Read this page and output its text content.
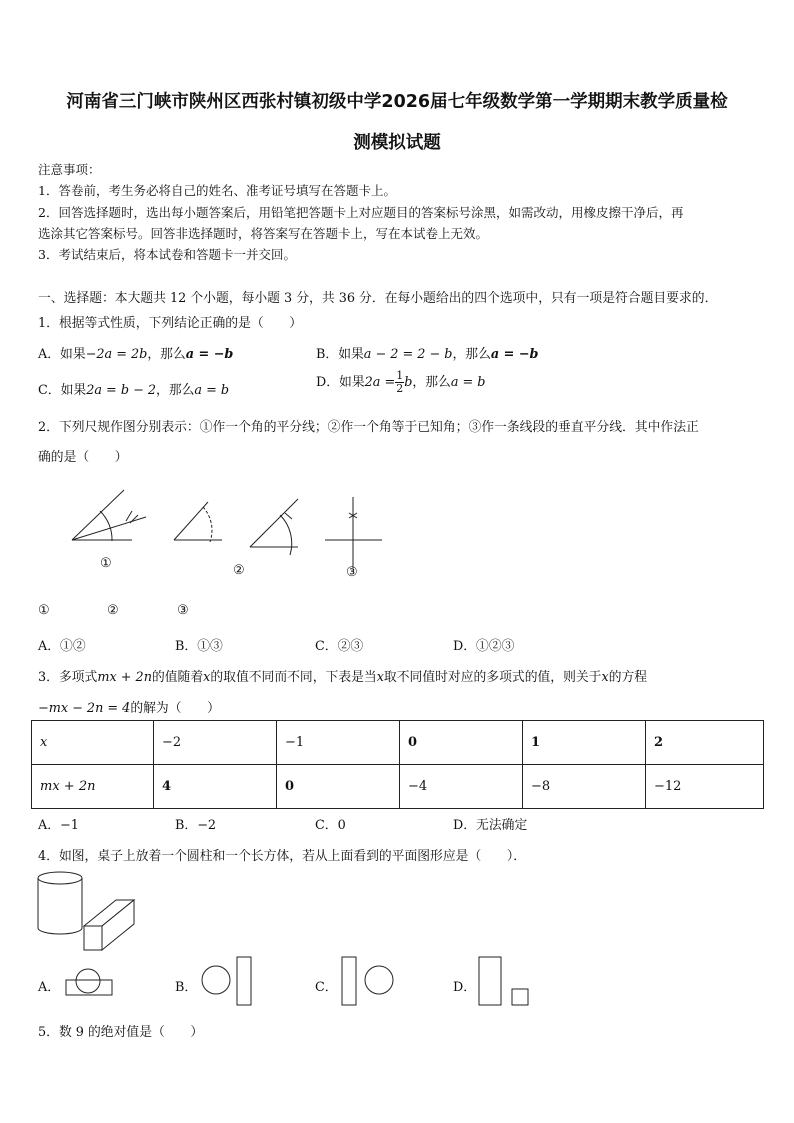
河南省三门峡市陕州区西张村镇初级中学2026届七年级数学第一学期期末教学质量检
测模拟试题
注意事项：
1．答卷前，考生务必将自己的姓名、准考证号填写在答题卡上。
2．回答选择题时，选出每小题答案后，用铅笔把答题卡上对应题目的答案标号涂黑，如需改动，用橡皮擦干净后，再
选涂其它答案标号。回答非选择题时，将答案写在答题卡上，写在本试卷上无效。
3．考试结束后，将本试卷和答题卡一并交回。
一、选择题：本大题共 12 个小题，每小题 3 分，共 36 分．在每小题给出的四个选项中，只有一项是符合题目要求的．
1．根据等式性质，下列结论正确的是（　　）
A．如果−2a = 2b，那么a = −b	B．如果a − 2 = 2 − b，那么a = −b
C．如果2a = b − 2，那么a = b
D．如果$2a = \frac{1}{2}$ b，那么a = b
2．下列尺规作图分别表示：①作一个角的平分线；②作一个角等于已知角；③作一条线段的垂直平分线．其中作法正
确的是（　　）
①	②	③
①	②	③
A．①②	B．①③	C．②③	D．①②③
3．多项式mx + 2n的值随着x的取值不同而不同，下表是当x取不同值时对应的多项式的值，则关于x的方程
−mx − 2n = 4的解为（　　）
x	−2	−1	0	1	2
mx + 2n	4	0	−4	−8	−12
A．−1	B．−2	C．0	D．无法确定
4．如图，桌子上放着一个圆柱和一个长方体，若从上面看到的平面图形应是（　　）．
A．	B．	C．	D．
5．数 9 的绝对值是（　　）
